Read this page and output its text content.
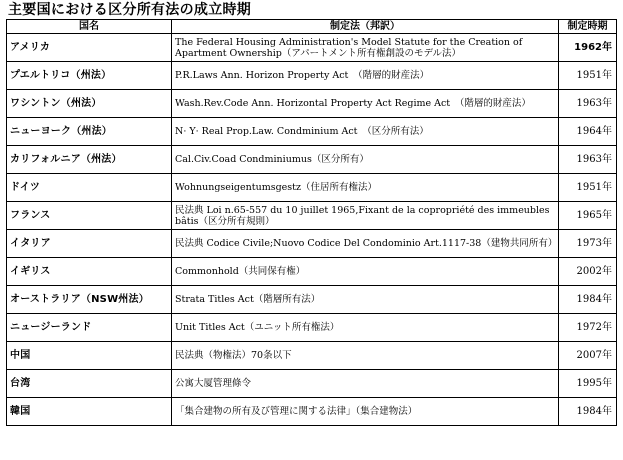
主要国における区分所有法の成立時期
国名	制定法（邦訳）	制定時期
アメリカ	The Federal Housing Administration's Model Statute for the Creation of Apartment Ownership（アパートメント所有権創設のモデル法）	1962年
プエルトリコ（州法）	P.R.Laws Ann. Horizon Property Act　（階層的財産法）	1951年
ワシントン（州法）	Wash.Rev.Code Ann. Horizontal Property Act Regime Act　（階層的財産法）	1963年
ニューヨーク（州法）	N· Y· Real Prop.Law. Condminium Act　（区分所有法）	1964年
カリフォルニア（州法）	Cal.Civ.Coad Condminiumus（区分所有）	1963年
ドイツ	Wohnungseigentumsgestz（住居所有権法）	1951年
フランス	民法典 Loi n.65-557 du 10 juillet 1965,Fixant de la copropriété des immeubles bâtis（区分所有規則）	1965年
イタリア	民法典 Codice Civile;Nuovo Codice Del Condominio Art.1117-38（建物共同所有）	1973年
イギリス	Commonhold（共同保有権）	2002年
オーストラリア（NSW州法）	Strata Titles Act（階層所有法）	1984年
ニュージーランド	Unit Titles Act（ユニット所有権法）	1972年
中国	民法典（物権法）70条以下	2007年
台湾	公寓大厦管理條令	1995年
韓国	「集合建物の所有及び管理に関する法律」（集合建物法）	1984年
